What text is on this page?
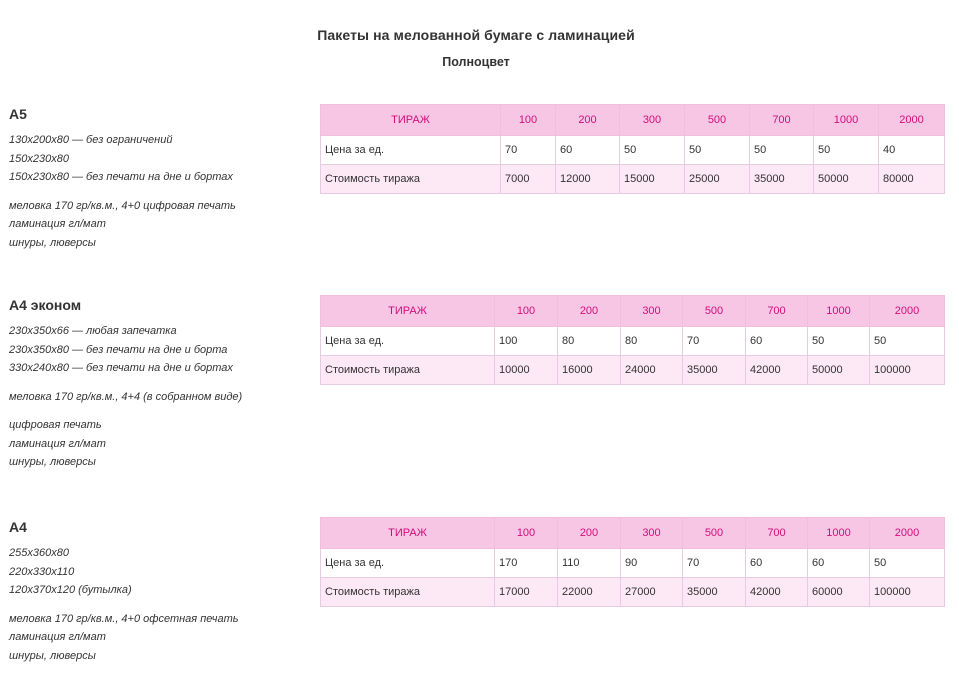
Пакеты на мелованной бумаге с ламинацией
Полноцвет
A5
130x200x80 — без ограничений
150x230x80
150x230x80 — без печати на дне и бортах
меловка 170 гр/кв.м., 4+0 цифровая печать
ламинация гл/мат
шнуры, люверсы
ТИРАЖ	100	200	300	500	700	1000	2000
Цена за ед.	70	60	50	50	50	50	40
Стоимость тиража	7000	12000	15000	25000	35000	50000	80000
A4 эконом
230x350x66 — любая запечатка
230x350x80 — без печати на дне и борта
330x240x80 — без печати на дне и бортах
меловка 170 гр/кв.м., 4+4 (в собранном виде)
цифровая печать
ламинация гл/мат
шнуры, люверсы
ТИРАЖ	100	200	300	500	700	1000	2000
Цена за ед.	100	80	80	70	60	50	50
Стоимость тиража	10000	16000	24000	35000	42000	50000	100000
A4
255x360x80
220x330x110
120x370x120 (бутылка)
меловка 170 гр/кв.м., 4+0 офсетная печать
ламинация гл/мат
шнуры, люверсы
ТИРАЖ	100	200	300	500	700	1000	2000
Цена за ед.	170	110	90	70	60	60	50
Стоимость тиража	17000	22000	27000	35000	42000	60000	100000
